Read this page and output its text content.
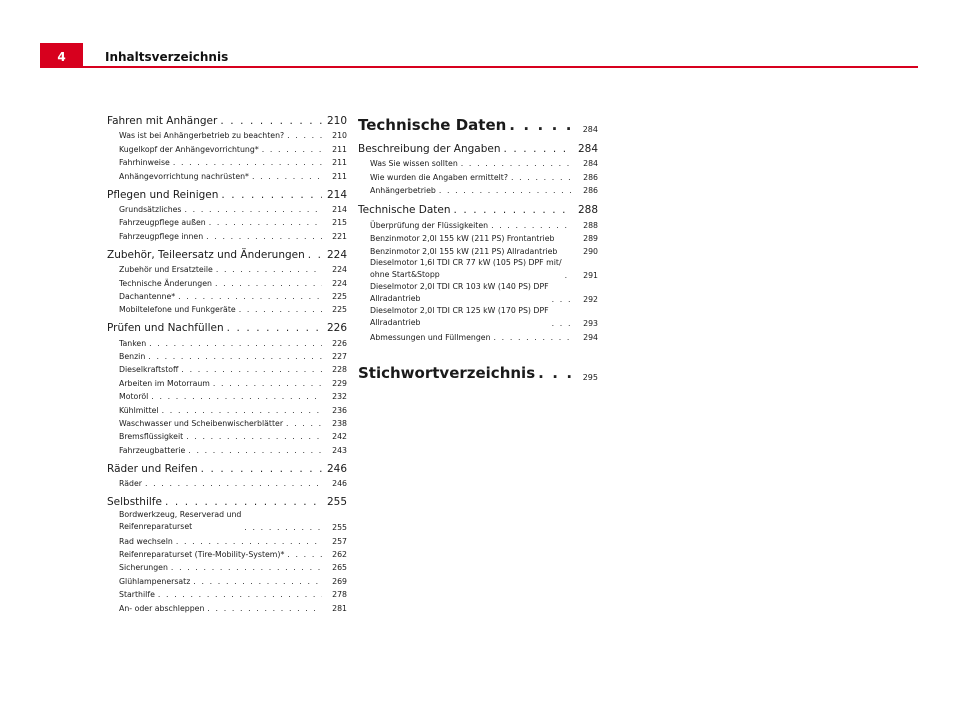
4	Inhaltsverzeichnis
Fahren mit Anhänger . . .	210
Was ist bei Anhängerbetrieb zu beachten? . . .	210
Kugelkopf der Anhängevorrichtung* . . .	211
Fahrhinweise . . .	211
Anhängevorrichtung nachrüsten* . . .	211
Pflegen und Reinigen . . .	214
Grundsätzliches . . .	214
Fahrzeugpflege außen . . .	215
Fahrzeugpflege innen . . .	221
Zubehör, Teileersatz und Änderungen . . . 224
Zubehör und Ersatzteile . . .	224
Technische Änderungen . . .	224
Dachantenne* . . .	225
Mobiltelefone und Funkgeräte . . .	225
Prüfen und Nachfüllen . . .	226
Tanken . . .	226
Benzin . . .	227
Dieselkraftstoff . . .	228
Arbeiten im Motorraum . . .	229
Motoröl . . .	232
Kühlmittel . . .	236
Waschwasser und Scheibenwischerblätter . . .	238
Bremsflüssigkeit . . .	242
Fahrzeugbatterie . . .	243
Räder und Reifen . . .	246
Räder . . .	246
Selbsthilfe . . .	255
Bordwerkzeug, Reserverad und
Reifenreparaturset . . .	255
Rad wechseln . . .	257
Reifenreparaturset (Tire-Mobility-System)* . . .	262
Sicherungen . . .	265
Glühlampenersatz . . .	269
Starthilfe . . .	278
An- oder abschleppen . . .	281
Technische Daten . . .	284
Beschreibung der Angaben . . .	284
Was Sie wissen sollten . . .	284
Wie wurden die Angaben ermittelt? . . .	286
Anhängerbetrieb . . .	286
Technische Daten . . .	288
Überprüfung der Flüssigkeiten . . .	288
Benzinmotor 2,0l 155 kW (211 PS) Frontantrieb	289
Benzinmotor 2,0l 155 kW (211 PS) Allradantrieb	290
Dieselmotor 1,6l TDI CR 77 kW (105 PS) DPF mit/
ohne Start&Stopp . . .	291
Dieselmotor 2,0l TDI CR 103 kW (140 PS) DPF
Allradantrieb . . .	292
Dieselmotor 2,0l TDI CR 125 kW (170 PS) DPF
Allradantrieb . . .	293
Abmessungen und Füllmengen . . .	294
Stichwortverzeichnis . . .	295
